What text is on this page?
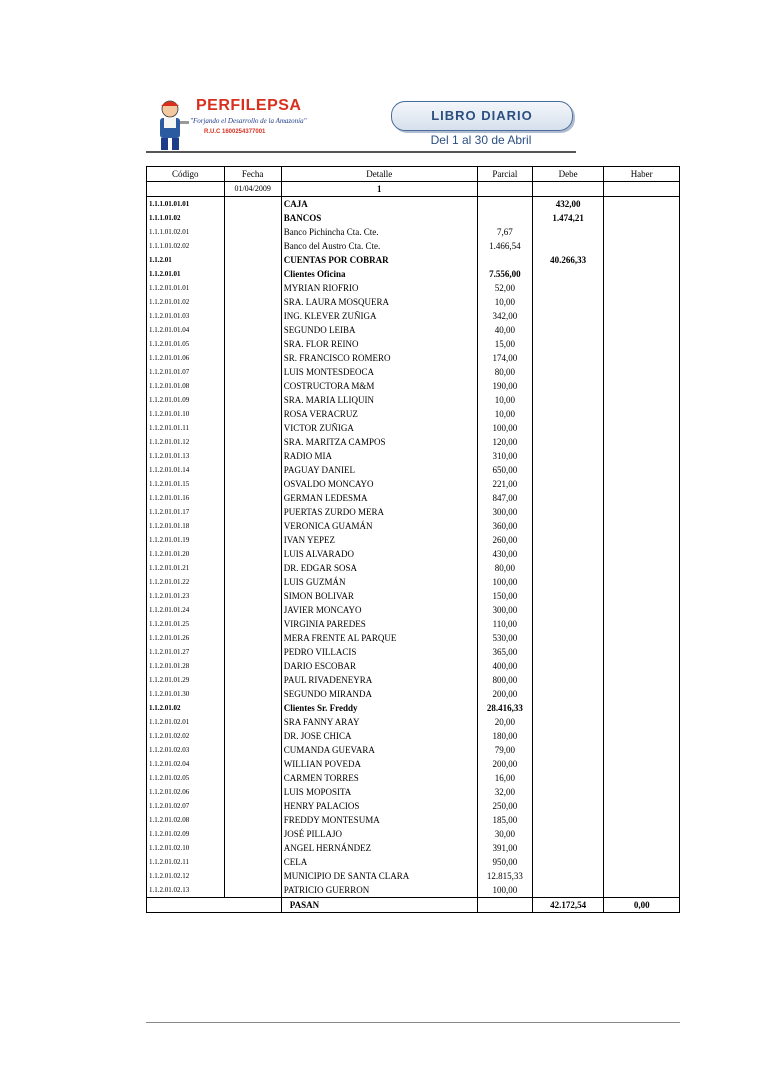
PERFILEPSA
"Forjando el Desarrollo de la Amazonía"
R.U.C 1600254377001
LIBRO DIARIO
Del 1 al 30 de Abril
Código	Fecha	Detalle	Parcial	Debe	Haber
	01/04/2009	1			
1.1.1.01.01.01		CAJA		432,00	
1.1.1.01.02		BANCOS		1.474,21	
1.1.1.01.02.01		Banco Pichincha Cta. Cte.	7,67		
1.1.1.01.02.02		Banco del Austro Cta. Cte.	1.466,54		
1.1.2.01		CUENTAS POR COBRAR		40.266,33	
1.1.2.01.01		Clientes Oficina	7.556,00		
1.1.2.01.01.01		MYRIAN RIOFRIO	52,00		
1.1.2.01.01.02		SRA. LAURA MOSQUERA	10,00		
1.1.2.01.01.03		ING. KLEVER ZUÑIGA	342,00		
1.1.2.01.01.04		SEGUNDO LEIBA	40,00		
1.1.2.01.01.05		SRA. FLOR REINO	15,00		
1.1.2.01.01.06		SR. FRANCISCO ROMERO	174,00		
1.1.2.01.01.07		LUIS MONTESDEOCA	80,00		
1.1.2.01.01.08		COSTRUCTORA M&M	190,00		
1.1.2.01.01.09		SRA. MARIA LLIQUIN	10,00		
1.1.2.01.01.10		ROSA VERACRUZ	10,00		
1.1.2.01.01.11		VICTOR ZUÑIGA	100,00		
1.1.2.01.01.12		SRA. MARITZA CAMPOS	120,00		
1.1.2.01.01.13		RADIO MIA	310,00		
1.1.2.01.01.14		PAGUAY DANIEL	650,00		
1.1.2.01.01.15		OSVALDO MONCAYO	221,00		
1.1.2.01.01.16		GERMAN LEDESMA	847,00		
1.1.2.01.01.17		PUERTAS ZURDO MERA	300,00		
1.1.2.01.01.18		VERONICA GUAMÁN	360,00		
1.1.2.01.01.19		IVAN YEPEZ	260,00		
1.1.2.01.01.20		LUIS ALVARADO	430,00		
1.1.2.01.01.21		DR. EDGAR SOSA	80,00		
1.1.2.01.01.22		LUIS GUZMÁN	100,00		
1.1.2.01.01.23		SIMON BOLIVAR	150,00		
1.1.2.01.01.24		JAVIER MONCAYO	300,00		
1.1.2.01.01.25		VIRGINIA PAREDES	110,00		
1.1.2.01.01.26		MERA FRENTE AL PARQUE	530,00		
1.1.2.01.01.27		PEDRO VILLACIS	365,00		
1.1.2.01.01.28		DARIO ESCOBAR	400,00		
1.1.2.01.01.29		PAUL RIVADENEYRA	800,00		
1.1.2.01.01.30		SEGUNDO MIRANDA	200,00		
1.1.2.01.02		Clientes Sr. Freddy	28.416,33		
1.1.2.01.02.01		SRA FANNY ARAY	20,00		
1.1.2.01.02.02		DR. JOSE CHICA	180,00		
1.1.2.01.02.03		CUMANDA GUEVARA	79,00		
1.1.2.01.02.04		WILLIAN POVEDA	200,00		
1.1.2.01.02.05		CARMEN TORRES	16,00		
1.1.2.01.02.06		LUIS MOPOSITA	32,00		
1.1.2.01.02.07		HENRY PALACIOS	250,00		
1.1.2.01.02.08		FREDDY MONTESUMA	185,00		
1.1.2.01.02.09		JOSÉ PILLAJO	30,00		
1.1.2.01.02.10		ANGEL HERNÁNDEZ	391,00		
1.1.2.01.02.11		CELA	950,00		
1.1.2.01.02.12		MUNICIPIO DE SANTA CLARA	12.815,33		
1.1.2.01.02.13		PATRICIO GUERRON	100,00		
		PASAN		42.172,54	0,00
